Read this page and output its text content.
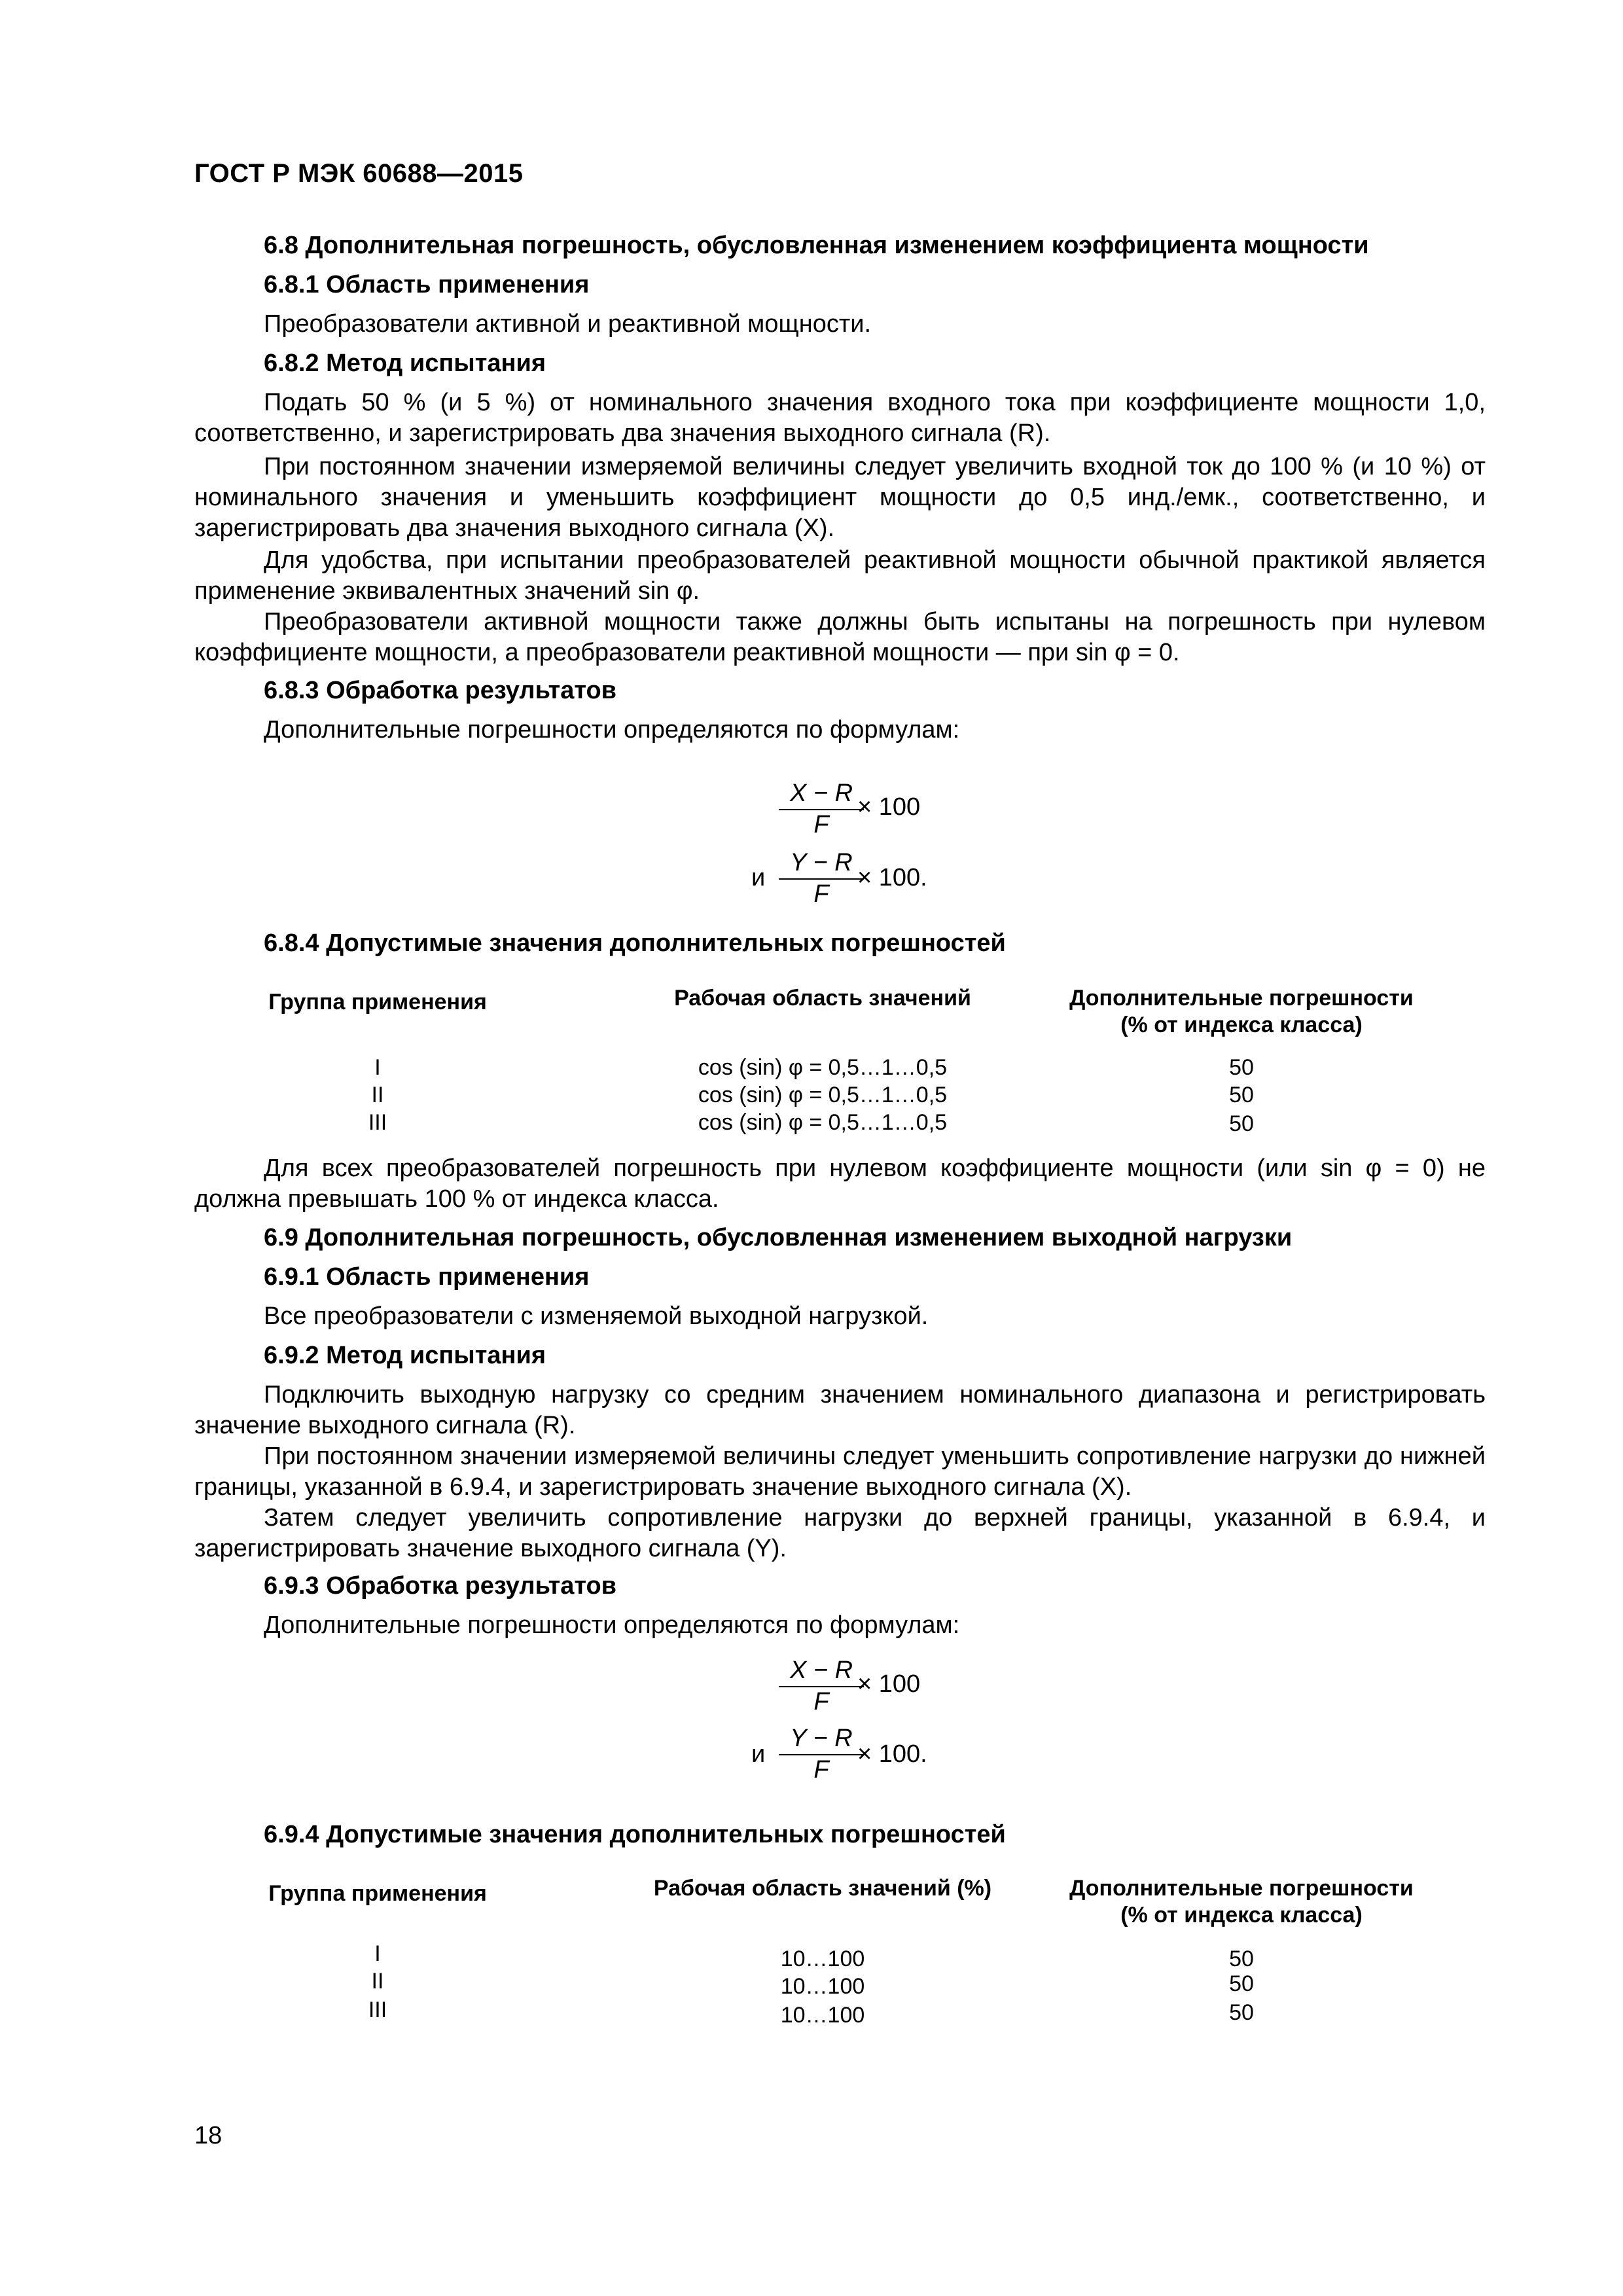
ГОСТ Р МЭК 60688—2015
6.8 Дополнительная погрешность, обусловленная изменением коэффициента мощности
6.8.1 Область применения
Преобразователи активной и реактивной мощности.
6.8.2 Метод испытания

Подать 50 % (и 5 %) от номинального значения входного тока при коэффициенте мощности 1,0, соответственно, и зарегистрировать два значения выходного сигнала (R).

При постоянном значении измеряемой величины следует увеличить входной ток до 100 % (и 10 %) от номинального значения и уменьшить коэффициент мощности до 0,5 инд./емк., соответственно, и зарегистрировать два значения выходного сигнала (X).

Для удобства, при испытании преобразователей реактивной мощности обычной практикой является применение эквивалентных значений sin φ.

Преобразователи активной мощности также должны быть испытаны на погрешность при нулевом коэффициенте мощности, а преобразователи реактивной мощности — при sin φ = 0.

6.8.3 Обработка результатов
Дополнительные погрешности определяются по формулам:
$\frac{X - R}{F}$
× 100
и $\frac{Y - R}{F}$
× 100.
6.8.4 Допустимые значения дополнительных погрешностей
Группа применения	Рабочая область значений	Дополнительные погрешности
(% от индекса класса)
I	cos (sin) φ = 0,5…1…0,5	50
II	cos (sin) φ = 0,5…1…0,5	50
III	cos (sin) φ = 0,5…1…0,5	50

Для всех преобразователей погрешность при нулевом коэффициенте мощности (или sin φ = 0) не должна превышать 100 % от индекса класса.

6.9 Дополнительная погрешность, обусловленная изменением выходной нагрузки
6.9.1 Область применения
Все преобразователи с изменяемой выходной нагрузкой.
6.9.2 Метод испытания

Подключить выходную нагрузку со средним значением номинального диапазона и регистрировать значение выходного сигнала (R).

При постоянном значении измеряемой величины следует уменьшить сопротивление нагрузки до нижней границы, указанной в 6.9.4, и зарегистрировать значение выходного сигнала (X).

Затем следует увеличить сопротивление нагрузки до верхней границы, указанной в 6.9.4, и зарегистрировать значение выходного сигнала (Y).

6.9.3 Обработка результатов
Дополнительные погрешности определяются по формулам:
$\frac{X - R}{F}$
× 100
и $\frac{Y - R}{F}$
× 100.
6.9.4 Допустимые значения дополнительных погрешностей
Группа применения	Рабочая область значений (%)	Дополнительные погрешности
(% от индекса класса)
I	10…100	50
II	10…100	50
III	10…100	50
18
